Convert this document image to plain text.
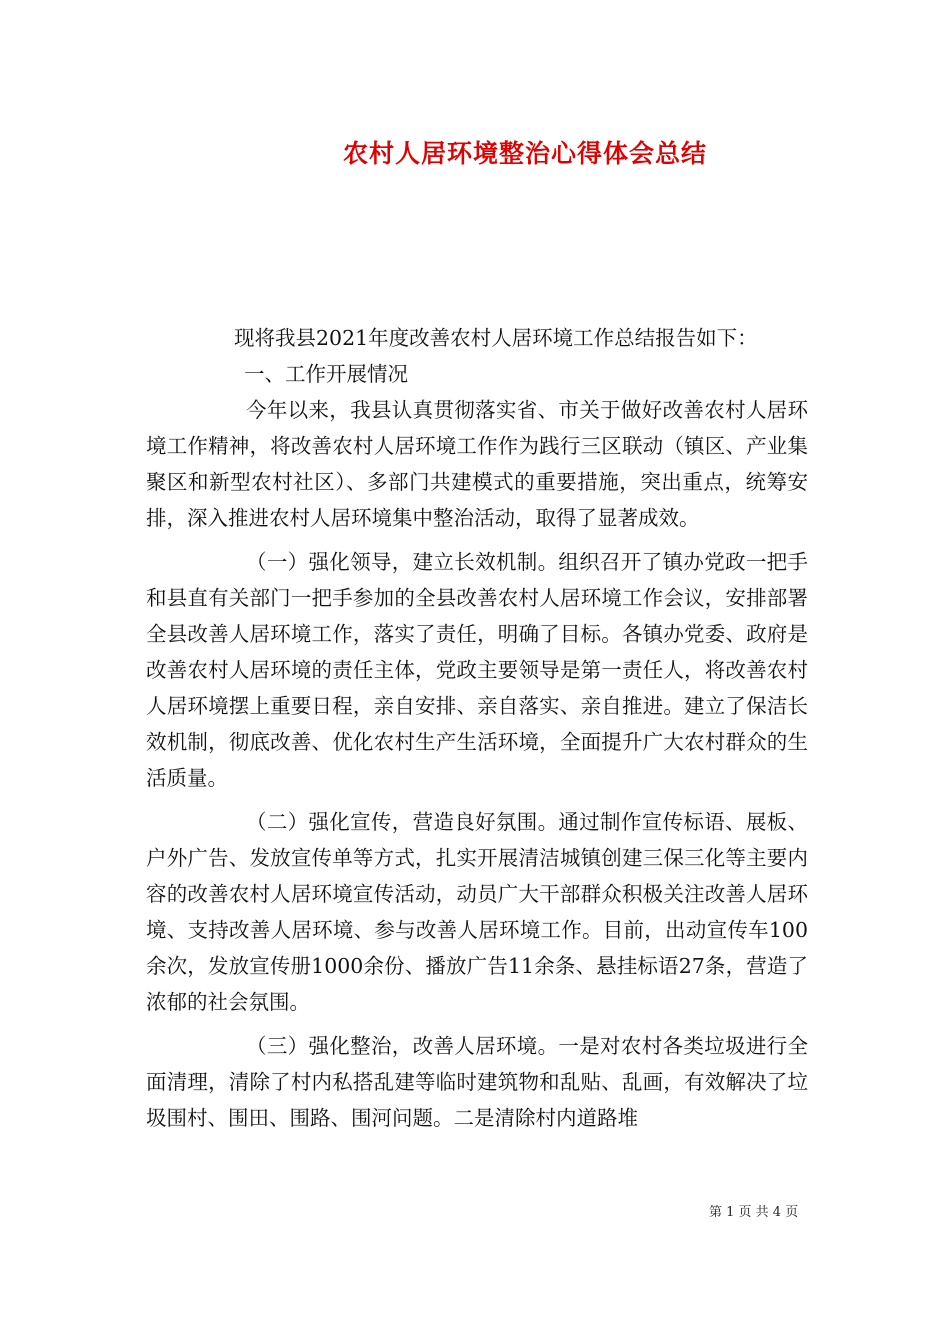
农村人居环境整治心得体会总结

现将我县2021年度改善农村人居环境工作总结报告如下：

一、工作开展情况

今年以来，我县认真贯彻落实省、市关于做好改善农村人居环境工作精神，将改善农村人居环境工作作为践行三区联动（镇区、产业集聚区和新型农村社区）、多部门共建模式的重要措施，突出重点，统筹安排，深入推进农村人居环境集中整治活动，取得了显著成效。

（一）强化领导，建立长效机制。组织召开了镇办党政一把手和县直有关部门一把手参加的全县改善农村人居环境工作会议，安排部署全县改善人居环境工作，落实了责任，明确了目标。各镇办党委、政府是改善农村人居环境的责任主体，党政主要领导是第一责任人，将改善农村人居环境摆上重要日程，亲自安排、亲自落实、亲自推进。建立了保洁长效机制，彻底改善、优化农村生产生活环境，全面提升广大农村群众的生活质量。

（二）强化宣传，营造良好氛围。通过制作宣传标语、展板、户外广告、发放宣传单等方式，扎实开展清洁城镇创建三保三化等主要内容的改善农村人居环境宣传活动，动员广大干部群众积极关注改善人居环境、支持改善人居环境、参与改善人居环境工作。目前，出动宣传车100余次，发放宣传册1000余份、播放广告11余条、悬挂标语27条，营造了浓郁的社会氛围。

（三）强化整治，改善人居环境。一是对农村各类垃圾进行全面清理，清除了村内私搭乱建等临时建筑物和乱贴、乱画，有效解决了垃圾围村、围田、围路、围河问题。二是清除村内道路堆

第 1 页 共 4 页
